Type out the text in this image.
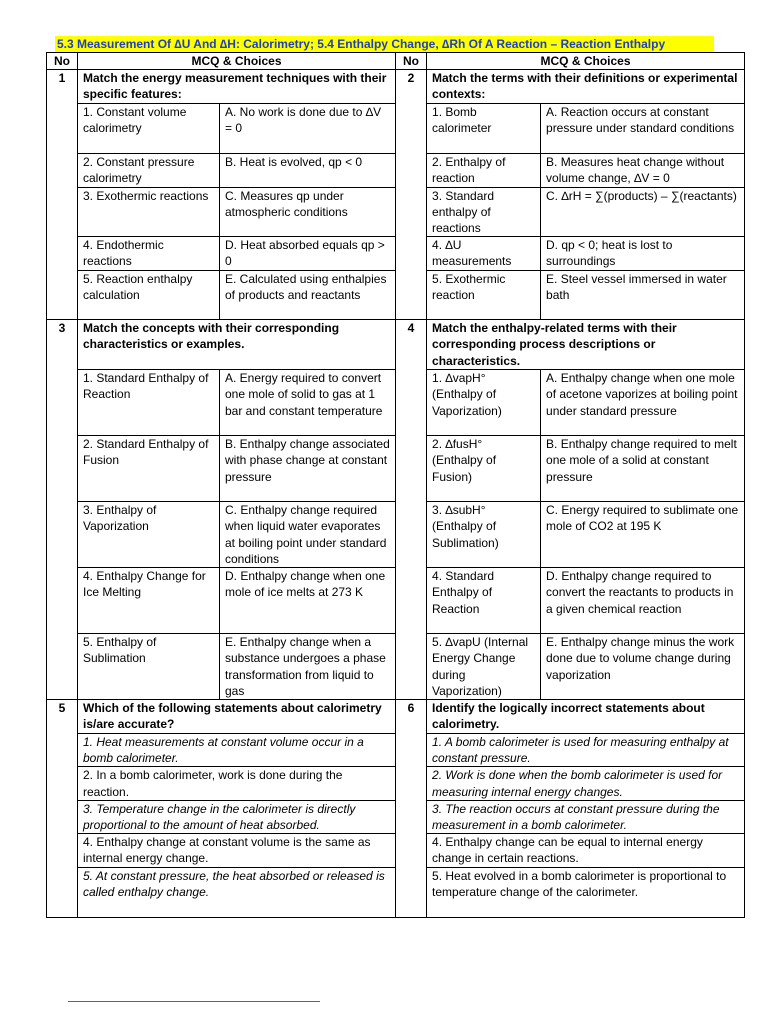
5.3 Measurement Of ∆U And ∆H: Calorimetry; 5.4 Enthalpy Change, ∆Rh Of A Reaction – Reaction Enthalpy
No	MCQ & Choices		No	MCQ & Choices	
1	Match the energy measurement techniques with their specific features:		2	Match the terms with their definitions or experimental contexts:	
	1. Constant volume calorimetry	A. No work is done due to ∆V = 0		1. Bomb calorimeter	A. Reaction occurs at constant pressure under standard conditions
	2. Constant pressure calorimetry	B. Heat is evolved, qp < 0		2. Enthalpy of reaction	B. Measures heat change without volume change, ∆V = 0
	3. Exothermic reactions	C. Measures qp under atmospheric conditions		3. Standard enthalpy of reactions	C. ∆rH = ∑(products) – ∑(reactants)
	4. Endothermic reactions	D. Heat absorbed equals qp > 0		4. ∆U measurements	D. qp < 0; heat is lost to surroundings
	5. Reaction enthalpy calculation	E. Calculated using enthalpies of products and reactants		5. Exothermic reaction	E. Steel vessel immersed in water bath
3	Match the concepts with their corresponding characteristics or examples.		4	Match the enthalpy-related terms with their corresponding process descriptions or characteristics.	
	1. Standard Enthalpy of Reaction	A. Energy required to convert one mole of solid to gas at 1 bar and constant temperature		1. ∆vapH° (Enthalpy of Vaporization)	A. Enthalpy change when one mole of acetone vaporizes at boiling point under standard pressure
	2. Standard Enthalpy of Fusion	B. Enthalpy change associated with phase change at constant pressure		2. ∆fusH° (Enthalpy of Fusion)	B. Enthalpy change required to melt one mole of a solid at constant pressure
	3. Enthalpy of Vaporization	C. Enthalpy change required when liquid water evaporates at boiling point under standard conditions		3. ∆subH° (Enthalpy of Sublimation)	C. Energy required to sublimate one mole of CO2 at 195 K
	4. Enthalpy Change for Ice Melting	D. Enthalpy change when one mole of ice melts at 273 K		4. Standard Enthalpy of Reaction	D. Enthalpy change required to convert the reactants to products in a given chemical reaction
	5. Enthalpy of Sublimation	E. Enthalpy change when a substance undergoes a phase transformation from liquid to gas		5. ∆vapU (Internal Energy Change during Vaporization)	E. Enthalpy change minus the work done due to volume change during vaporization
5	Which of the following statements about calorimetry is/are accurate?		6	Identify the logically incorrect statements about calorimetry.	
	1. Heat measurements at constant volume occur in a bomb calorimeter.			1. A bomb calorimeter is used for measuring enthalpy at constant pressure.	
	2. In a bomb calorimeter, work is done during the reaction.			2. Work is done when the bomb calorimeter is used for measuring internal energy changes.	
	3. Temperature change in the calorimeter is directly proportional to the amount of heat absorbed.			3. The reaction occurs at constant pressure during the measurement in a bomb calorimeter.	
	4. Enthalpy change at constant volume is the same as internal energy change.			4. Enthalpy change can be equal to internal energy change in certain reactions.	
	5. At constant pressure, the heat absorbed or released is called enthalpy change.			5. Heat evolved in a bomb calorimeter is proportional to temperature change of the calorimeter.	
